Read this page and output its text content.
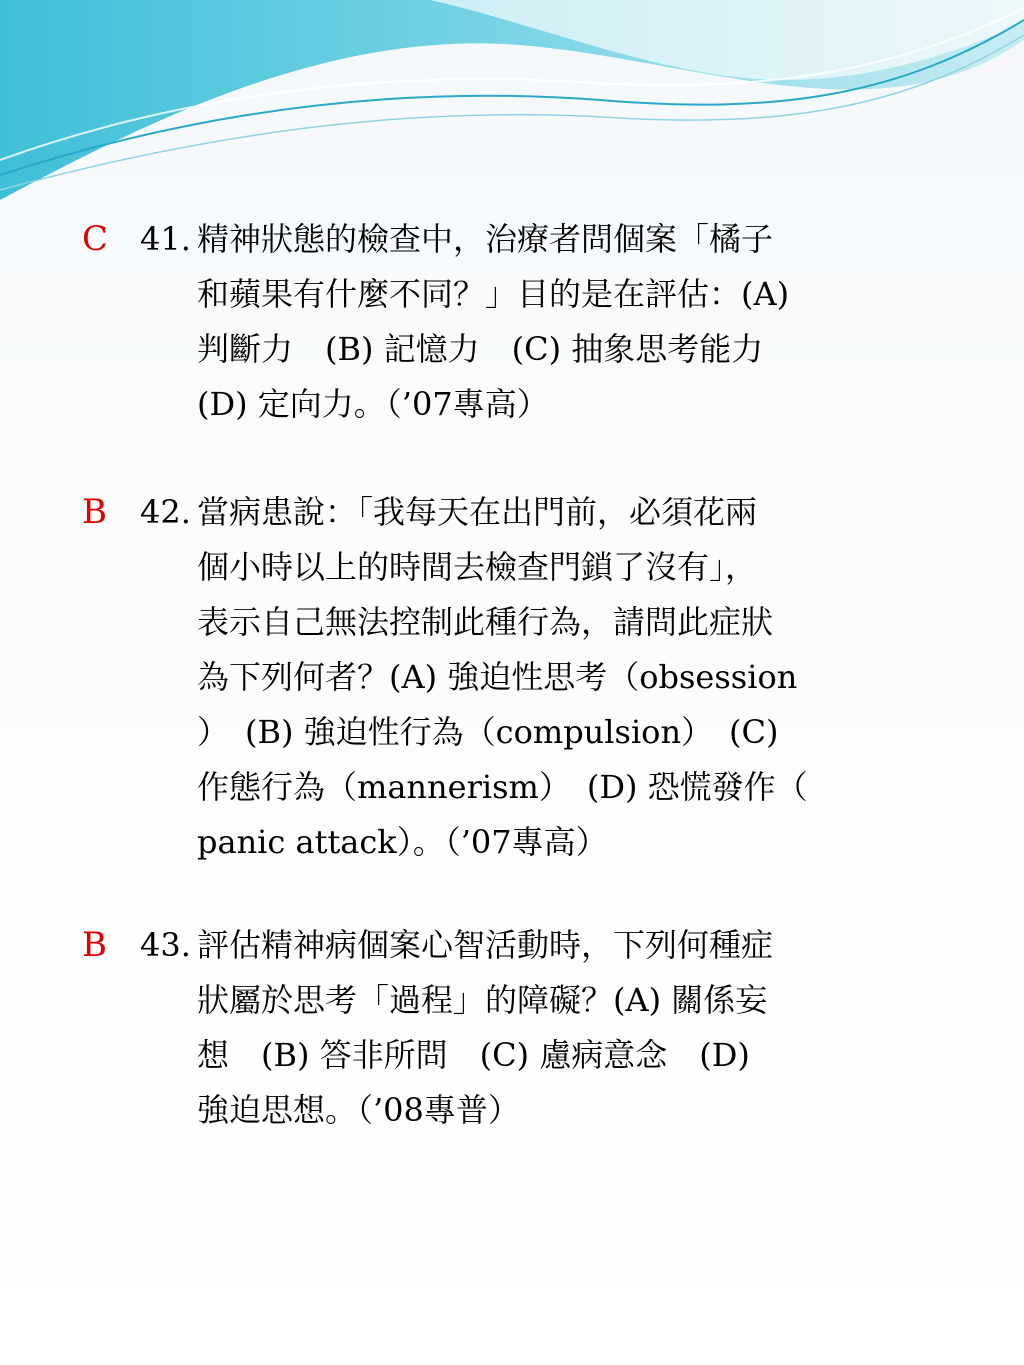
C 41. 精神狀態的檢查中，治療者問個案「橘子
和蘋果有什麼不同？」目的是在評估：(A)
判斷力　(B) 記憶力　(C) 抽象思考能力
(D) 定向力。（’07專高）
B 42. 當病患說：「我每天在出門前，必須花兩
個小時以上的時間去檢查門鎖了沒有」，
表示自己無法控制此種行為，請問此症狀
為下列何者？(A) 強迫性思考（obsession
）　(B) 強迫性行為（compulsion）　(C)
作態行為（mannerism）　(D) 恐慌發作（
panic attack）。（’07專高）
B 43. 評估精神病個案心智活動時，下列何種症
狀屬於思考「過程」的障礙？(A) 關係妄
想　(B) 答非所問　(C) 慮病意念　(D)
強迫思想。（’08專普）
